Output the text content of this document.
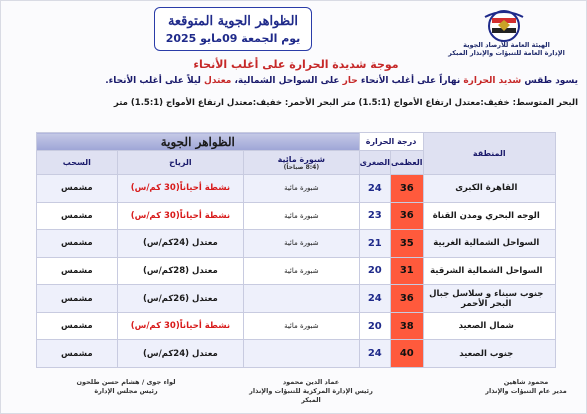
الهيئة العامة للأرصاد الجوية
الإدارة العامة للتنبؤات والإنذار المبكر
الظواهر الجوية المتوقعة
يوم الجمعة 09مايو 2025
موجة شديدة الحرارة على أغلب الأنحاء
يسود طقس شديد الحرارة نهاراً على أغلب الأنحاء حار على السواحل الشمالية، معتدل ليلاً على أغلب الأنحاء.
البحر المتوسط: خفيف:معتدل ارتفاع الأمواج (1.5:1) متر البحر الأحمر: خفيف:معتدل ارتفاع الأمواج (1.5:1) متر
المنطقة	درجة الحرارة		الظواهر الجوية		
	العظمى	الصغرى	شبورة مائية
(8:4 صباحاً)	الرياح	السحب
القاهرة الكبرى	36	24	شبورة مائية	نشطة أحياناً(30 كم/س)	مشمس
الوجه البحري ومدن القناة	36	23	شبورة مائية	نشطة أحياناً(30 كم/س)	مشمس
السواحل الشمالية الغربية	35	21	شبورة مائية	معتدل (24كم/س)	مشمس
السواحل الشمالية الشرقية	31	20	شبورة مائية	معتدل (28كم/س)	مشمس
جنوب سيناء و سلاسل جبال البحر الأحمر	36	24		معتدل (26كم/س)	مشمس
شمال الصعيد	38	20	شبورة مائية	نشطة أحياناً(30 كم/س)	مشمس
جنوب الصعيد	40	24		معتدل (24كم/س)	مشمس
لواء جوى / هشام حسن طلحون
رئيس مجلس الإدارة
عماد الدين محمود
رئيس الإدارة المركزية للتنبؤات والإنذار المبكر
محمود شاهين
مدير عام التنبؤات والإنذار
